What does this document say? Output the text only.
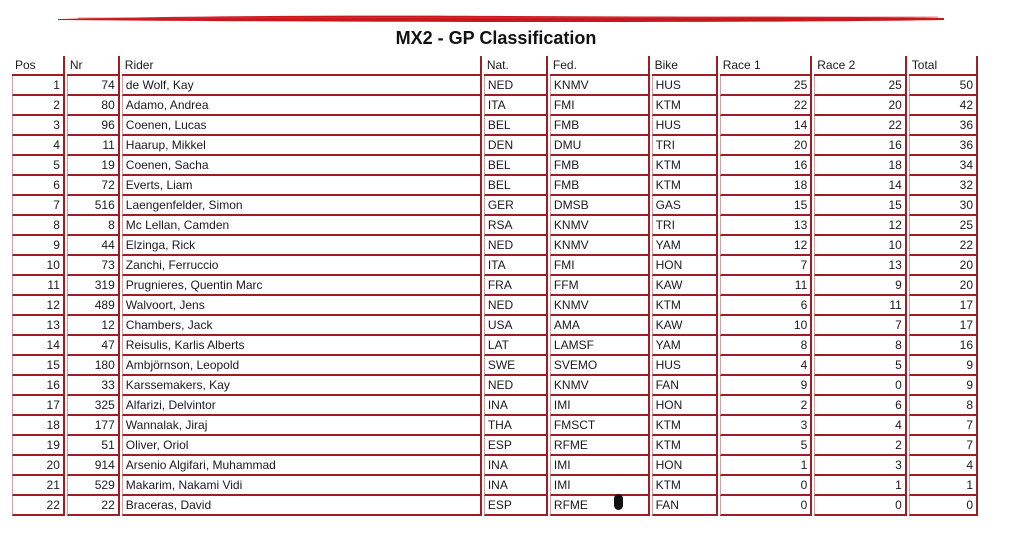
MX2 - GP Classification
Pos	Nr	Rider	Nat.	Fed.	Bike	Race 1	Race 2	Total
1	74	de Wolf, Kay	NED	KNMV	HUS	25	25	50
2	80	Adamo, Andrea	ITA	FMI	KTM	22	20	42
3	96	Coenen, Lucas	BEL	FMB	HUS	14	22	36
4	11	Haarup, Mikkel	DEN	DMU	TRI	20	16	36
5	19	Coenen, Sacha	BEL	FMB	KTM	16	18	34
6	72	Everts, Liam	BEL	FMB	KTM	18	14	32
7	516	Laengenfelder, Simon	GER	DMSB	GAS	15	15	30
8	8	Mc Lellan, Camden	RSA	KNMV	TRI	13	12	25
9	44	Elzinga, Rick	NED	KNMV	YAM	12	10	22
10	73	Zanchi, Ferruccio	ITA	FMI	HON	7	13	20
11	319	Prugnieres, Quentin Marc	FRA	FFM	KAW	11	9	20
12	489	Walvoort, Jens	NED	KNMV	KTM	6	11	17
13	12	Chambers, Jack	USA	AMA	KAW	10	7	17
14	47	Reisulis, Karlis Alberts	LAT	LAMSF	YAM	8	8	16
15	180	Ambjörnson, Leopold	SWE	SVEMO	HUS	4	5	9
16	33	Karssemakers, Kay	NED	KNMV	FAN	9	0	9
17	325	Alfarizi, Delvintor	INA	IMI	HON	2	6	8
18	177	Wannalak, Jiraj	THA	FMSCT	KTM	3	4	7
19	51	Oliver, Oriol	ESP	RFME	KTM	5	2	7
20	914	Arsenio Algifari, Muhammad	INA	IMI	HON	1	3	4
21	529	Makarim, Nakami Vidi	INA	IMI	KTM	0	1	1
22	22	Braceras, David	ESP	RFME	FAN	0	0	0
